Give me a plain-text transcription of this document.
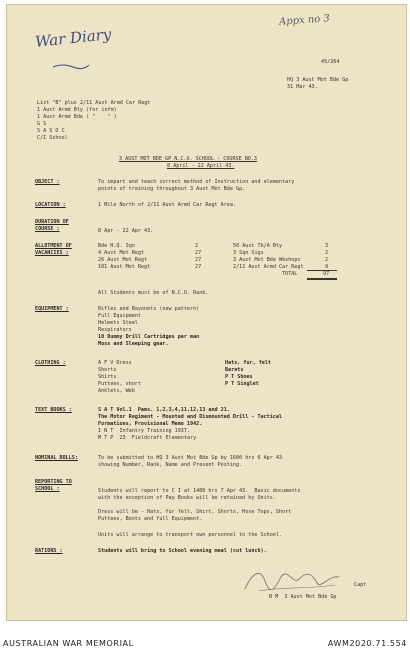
War Diary
Appx no 3
45/264
HQ 3 Aust Mot Bde Gp
31 Mar 43.
List "B" plus 2/11 Aust Armd Car Regt
1 Aust Armd Bty (for infm)
1 Aust Armd Bde ( "    " )
G S
S A S O C
C/I School
3 AUST MOT BDE GP N.C.O. SCHOOL - COURSE NO.3
8 April - 22 April 43.
OBJECT :	To impart and teach correct method of Instruction and elementary
points of training throughout 3 Aust Mot Bde Gp.
LOCATION :	1 Mile North of 2/11 Aust Armd Car Regt Area.
DURATION OF
COURSE :	8 Apr - 22 Apr 43.
ALLOTMENT OF
VACANCIES :
Bde H.Q. Sqn	2
4 Aust Mot Regt	27
26 Aust Mot Regt	27
101 Aust Mot Regt	27
50 Aust Tk/A Bty	3
3 Sqn Sigs	2
3 Aust Mot Bde Wkshops	2
2/11 Aust Armd Car Regt	9
TOTAL	97
All Students must be of N.C.O. Rank.
EQUIPMENT :	Rifles and Bayonets (new pattern)
Full Equipment
Helmets Steel
Respirators
10 Dummy Drill Cartridges per man
Moss and Sleeping gear.
CLOTHING :	A F V Dress
Shorts
Shirts
Puttees, short
Anklets, Web
Hats, fur, felt
Berets
P T Shoes
P T Singlet
TEXT BOOKS :	S A T Vol.1  Pams. 1,2,3,4,11,12,13 and 21.
The Motor Regiment - Mounted and Dismounted Drill - Tactical
Formations, Provisional Memo 1942.
I N T  Infantry Training 1937.
M T P  23  Fieldcraft Elementary
NOMINAL ROLLS:	To be submitted to HQ 3 Aust Mot Bde Gp by 1600 hrs 6 Apr 43
showing Number, Rank, Name and Present Posting.
REPORTING TO
SCHOOL :	Students will report to C I at 1400 hrs 7 Apr 43.  Basic documents
with the exception of Pay Books will be retained by Units.
Dress will be - Hats, fur felt, Shirt, Shorts, Hose Tops, Short
Puttees, Boots and full Equipment.
Units will arrange to transport own personnel to the School.
RATIONS :	Students will bring to School evening meal (cut lunch).
Capt
B M  3 Aust Mot Bde Gp
AUSTRALIAN WAR MEMORIAL	AWM2020.71.554
